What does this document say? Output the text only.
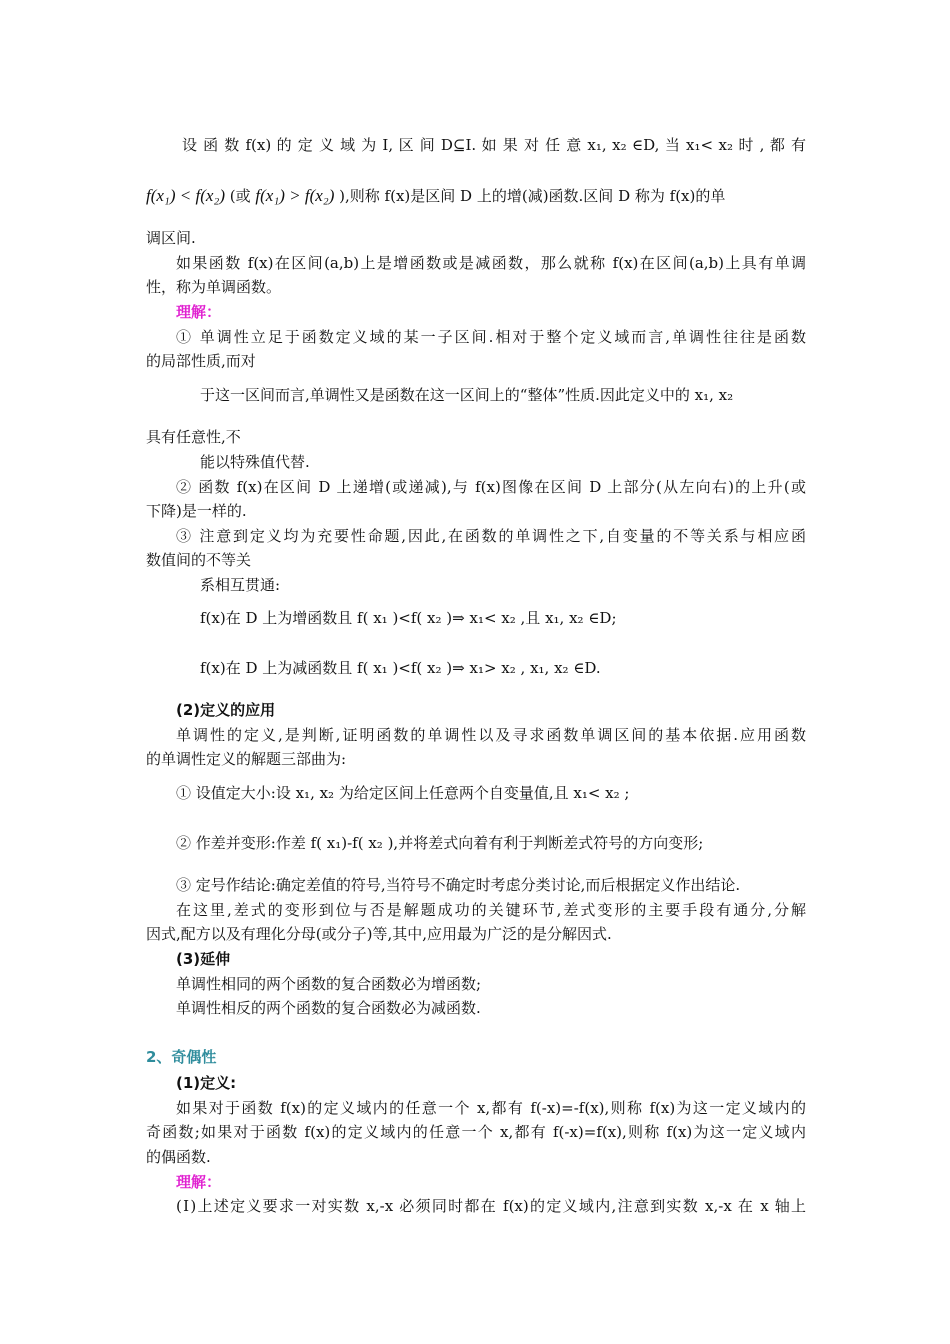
设 函 数 f(x) 的 定 义 域 为 I, 区 间 D⊆I. 如 果 对 任 意 x₁, x₂ ∈D, 当 x₁< x₂ 时 , 都 有
f(x₁) < f(x₂) (或 f(x₁) > f(x₂) ),则称 f(x)是区间 D 上的增(减)函数.区间 D 称为 f(x)的单
调区间.
如果函数 f(x)在区间(a,b)上是增函数或是减函数，那么就称 f(x)在区间(a,b)上具有单调
性，称为单调函数。
理解：
① 单调性立足于函数定义域的某一子区间.相对于整个定义域而言,单调性往往是函数
的局部性质,而对
于这一区间而言,单调性又是函数在这一区间上的“整体”性质.因此定义中的 x₁, x₂
具有任意性,不
能以特殊值代替.
② 函数 f(x)在区间 D 上递增(或递减),与 f(x)图像在区间 D 上部分(从左向右)的上升(或
下降)是一样的.
③ 注意到定义均为充要性命题,因此,在函数的单调性之下,自变量的不等关系与相应函
数值间的不等关
系相互贯通:
f(x)在 D 上为增函数且 f( x₁ )<f( x₂ )⇒ x₁< x₂ ,且 x₁, x₂ ∈D;
f(x)在 D 上为减函数且 f( x₁ )<f( x₂ )⇒ x₁> x₂ , x₁, x₂ ∈D.
(2)定义的应用
单调性的定义,是判断,证明函数的单调性以及寻求函数单调区间的基本依据.应用函数
的单调性定义的解题三部曲为:
① 设值定大小:设 x₁, x₂ 为给定区间上任意两个自变量值,且 x₁< x₂ ;
② 作差并变形:作差 f( x₁)-f( x₂ ),并将差式向着有利于判断差式符号的方向变形;
③ 定号作结论:确定差值的符号,当符号不确定时考虑分类讨论,而后根据定义作出结论.
在这里,差式的变形到位与否是解题成功的关键环节,差式变形的主要手段有通分,分解
因式,配方以及有理化分母(或分子)等,其中,应用最为广泛的是分解因式.
(3)延伸
单调性相同的两个函数的复合函数必为增函数;
单调性相反的两个函数的复合函数必为减函数.
2、奇偶性
(1)定义:
如果对于函数 f(x)的定义域内的任意一个 x,都有 f(-x)=-f(x),则称 f(x)为这一定义域内的
奇函数;如果对于函数 f(x)的定义域内的任意一个 x,都有 f(-x)=f(x),则称 f(x)为这一定义域内
的偶函数.
理解：
(Ⅰ)上述定义要求一对实数 x,-x 必须同时都在 f(x)的定义域内,注意到实数 x,-x 在 x 轴上
